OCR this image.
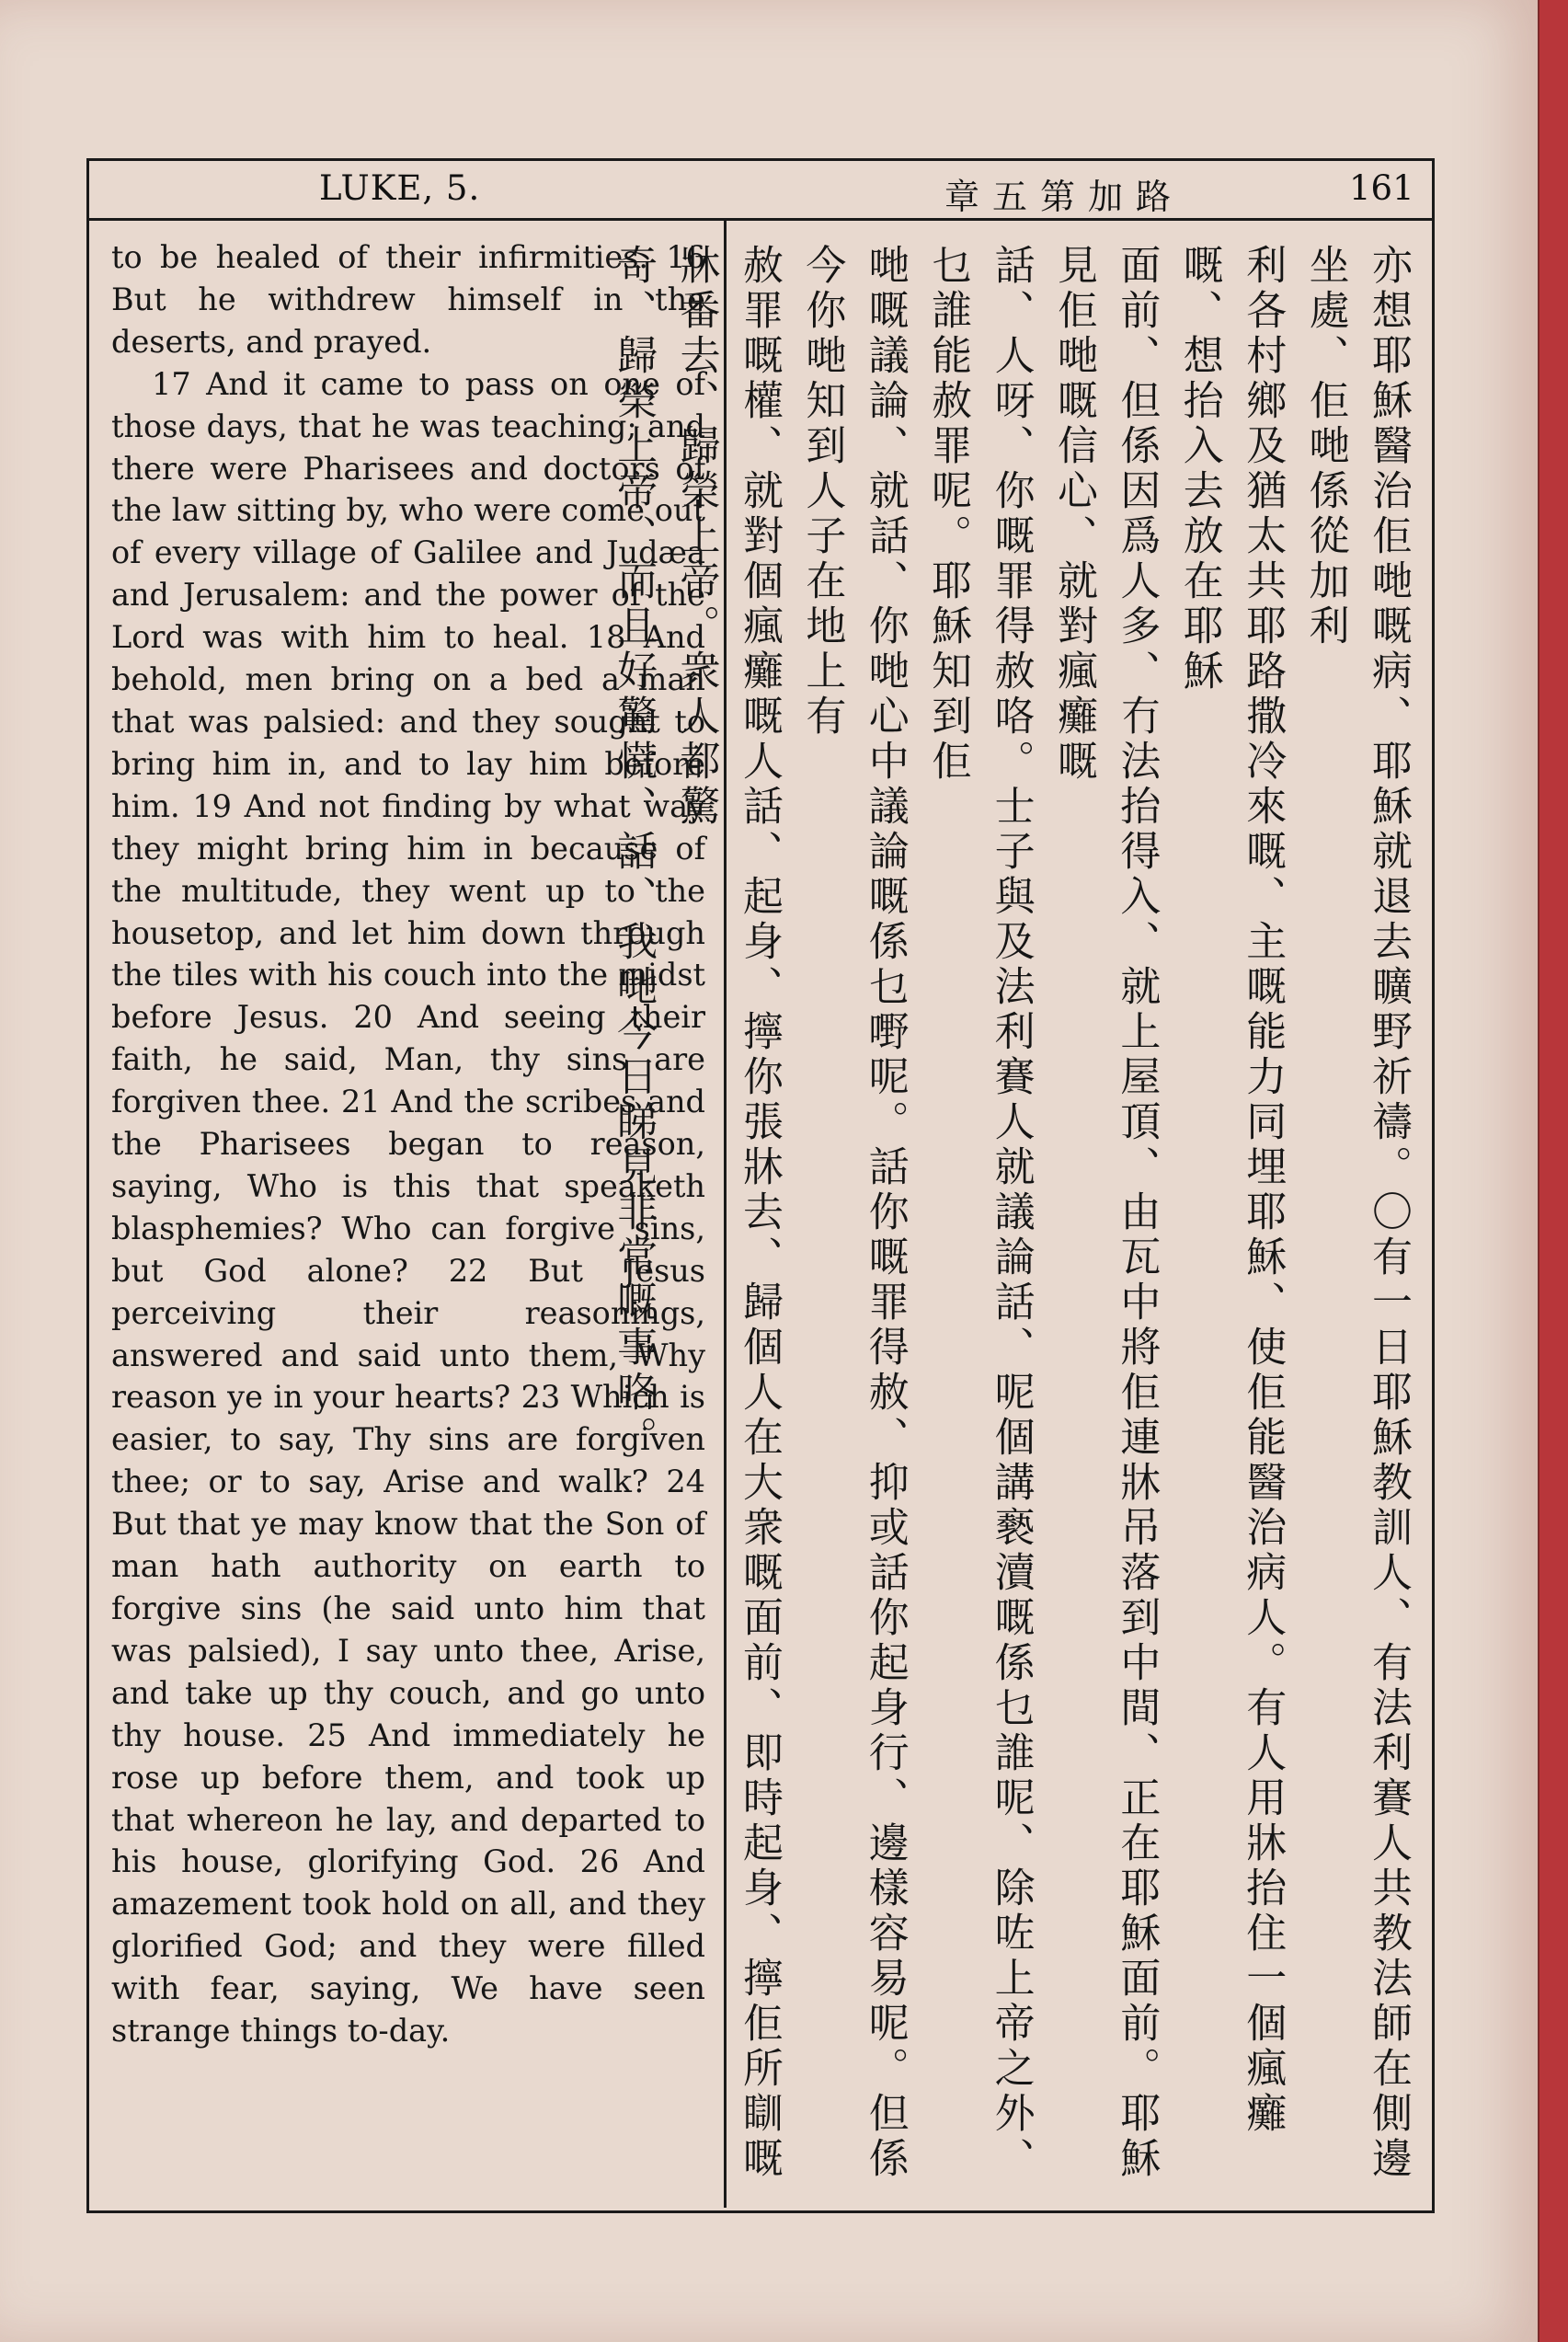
LUKE, 5.	章五第加路	161

to be healed of their infirmities. 16 But he withdrew himself in the deserts, and prayed.

17 And it came to pass on one of those days, that he was teaching; and there were Pharisees and doctors of the law sitting by, who were come out of every village of Galilee and Judæa and Jerusalem: and the power of the Lord was with him to heal. 18 And behold, men bring on a bed a man that was palsied: and they sought to bring him in, and to lay him before him. 19 And not finding by what way they might bring him in because of the multitude, they went up to the housetop, and let him down through the tiles with his couch into the midst before Jesus. 20 And seeing their faith, he said, Man, thy sins are forgiven thee. 21 And the scribes and the Pharisees began to reason, saying, Who is this that speaketh blasphemies? Who can forgive sins, but God alone? 22 But Jesus perceiving their reasonings, answered and said unto them, Why reason ye in your hearts? 23 Which is easier, to say, Thy sins are forgiven thee; or to say, Arise and walk? 24 But that ye may know that the Son of man hath authority on earth to forgive sins (he said unto him that was palsied), I say unto thee, Arise, and take up thy couch, and go unto thy house. 25 And immediately he rose up before them, and took up that whereon he lay, and departed to his house, glorifying God. 26 And amazement took hold on all, and they glorified God; and they were filled with fear, saying, We have seen strange things to-day.	亦想耶穌醫治佢哋嘅病、耶穌就退去曠野祈禱。〇有一日耶穌教訓人、有法利賽人共教法師在側邊坐處、佢哋係從加利

利各村鄉及猶太共耶路撒冷來嘅、主嘅能力同埋耶穌、使佢能醫治病人。有人用牀抬住一個瘋癱嘅、想抬入去放在耶穌

面前、但係因爲人多、冇法抬得入、就上屋頂、由瓦中將佢連牀吊落到中間、正在耶穌面前。耶穌見佢哋嘅信心、就對瘋癱嘅

話、人呀、你嘅罪得赦咯。士子與及法利賽人就議論話、呢個講褻瀆嘅係乜誰呢、除咗上帝之外、乜誰能赦罪呢。耶穌知到佢

哋嘅議論、就話、你哋心中議論嘅係乜嘢呢。話你嘅罪得赦、抑或話你起身行、邊樣容易呢。但係今你哋知到人子在地上有

赦罪嘅權、就對個瘋癱嘅人話、起身、擰你張牀去、歸個人在大衆嘅面前、即時起身、擰佢所瞓嘅牀番去、歸榮上帝。衆人都驚

奇、歸榮上帝、而且好驚慌、話、我哋今日睇見非常嘅事咯。
